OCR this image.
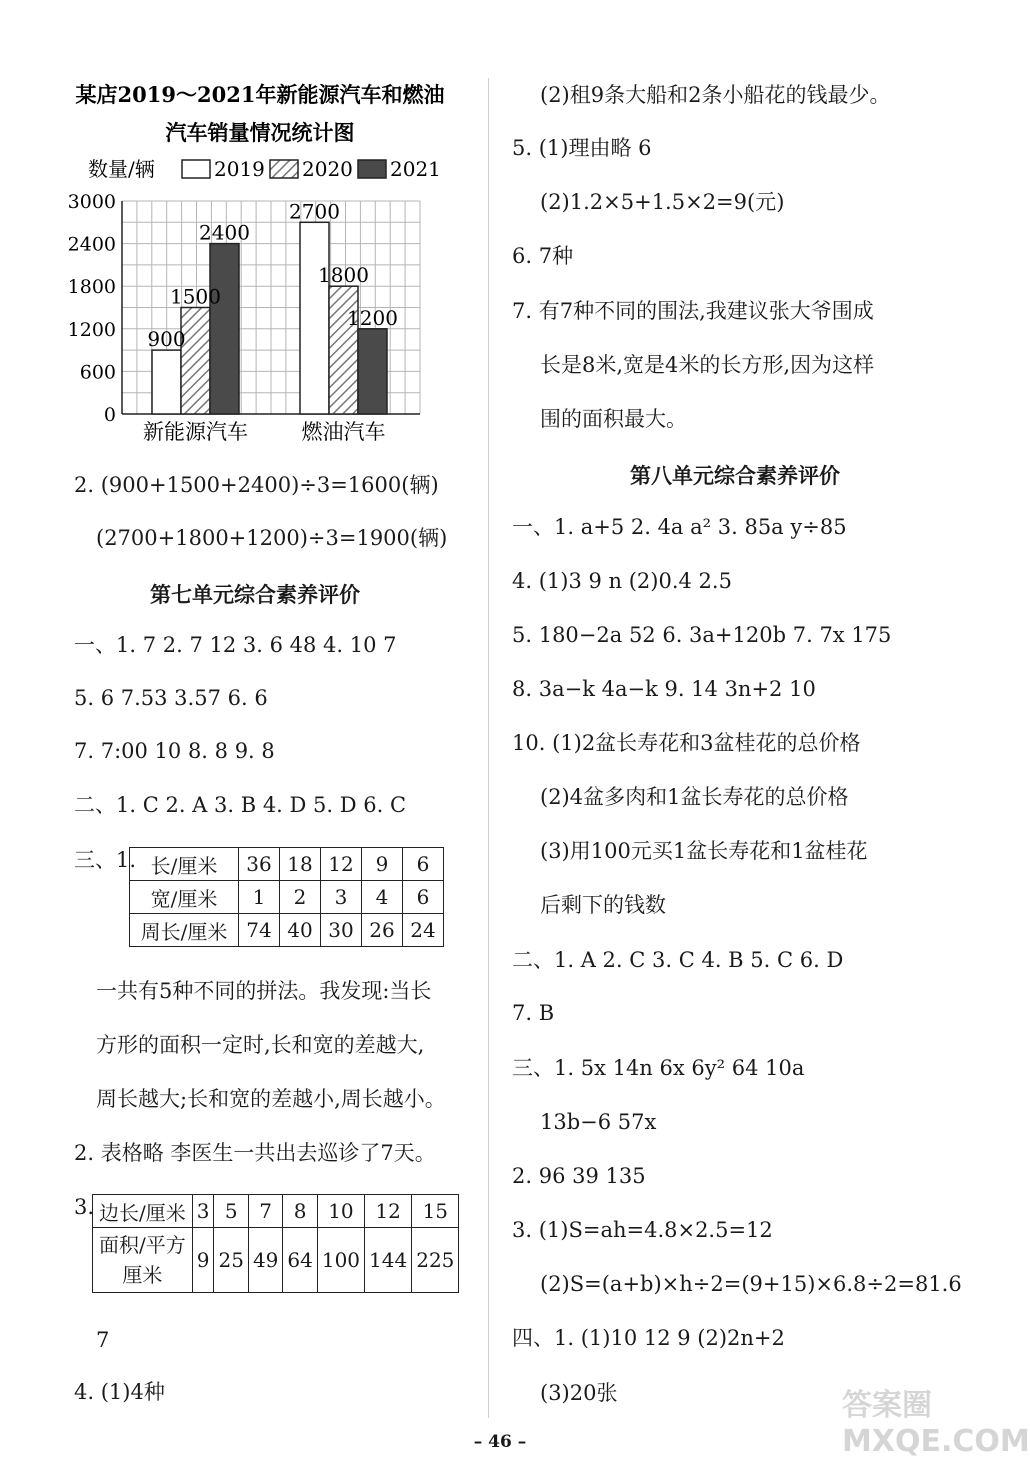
某店2019～2021年新能源汽车和燃油
汽车销量情况统计图
数量/辆	2019 2020 2021
0
600
1200
1800
2400
3000
900
1500
2400
2700
1800
1200
新能源汽车	燃油汽车
2. (900+1500+2400)÷3=1600(辆)
(2700+1800+1200)÷3=1900(辆)
第七单元综合素养评价
一、1. 7 2. 7 12 3. 6 48 4. 10 7
5. 6 7.53 3.57 6. 6
7. 7:00 10 8. 8 9. 8
二、1. C 2. A 3. B 4. D 5. D 6. C
三、1. 长/厘米	36	18	12	9	6
宽/厘米	1	2	3	4	6
周长/厘米	74	40	30	26	24
一共有5种不同的拼法。我发现:当长
方形的面积一定时,长和宽的差越大,
周长越大;长和宽的差越小,周长越小。
2. 表格略 李医生一共出去巡诊了7天。
3. 边长/厘米	3	5	7	8	10	12	15
面积/平方
厘米	9	25	49	64	100	144	225
7
4. (1)4种
(2)租9条大船和2条小船花的钱最少。
5. (1)理由略 6
(2)1.2×5+1.5×2=9(元)
6. 7种
7. 有7种不同的围法,我建议张大爷围成
长是8米,宽是4米的长方形,因为这样
围的面积最大。
第八单元综合素养评价
一、1. a+5 2. 4a a² 3. 85a y÷85
4. (1)3 9 n (2)0.4 2.5
5. 180−2a 52 6. 3a+120b 7. 7x 175
8. 3a−k 4a−k 9. 14 3n+2 10
10. (1)2盆长寿花和3盆桂花的总价格
(2)4盆多肉和1盆长寿花的总价格
(3)用100元买1盆长寿花和1盆桂花
后剩下的钱数
二、1. A 2. C 3. C 4. B 5. C 6. D
7. B
三、1. 5x 14n 6x 6y² 64 10a
13b−6 57x
2. 96 39 135
3. (1)S=ah=4.8×2.5=12
(2)S=(a+b)×h÷2=(9+15)×6.8÷2=81.6
四、1. (1)10 12 9 (2)2n+2
(3)20张	答案圈 MXQE.COM
– 46 –
